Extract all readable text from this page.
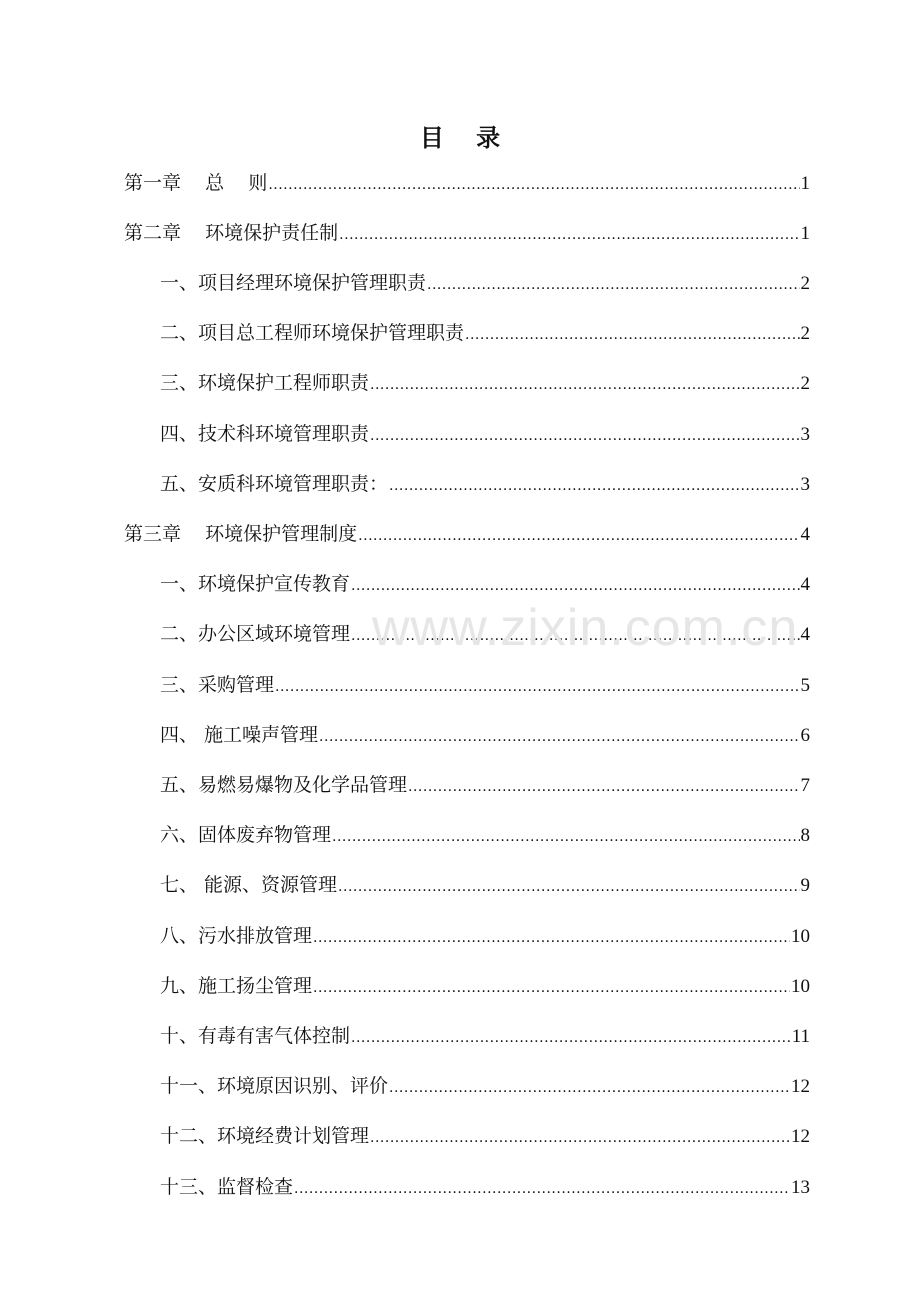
目 录
第一章    总    则 .....	1
第二章    环境保护责任制 .....	1
一、项目经理环境保护管理职责 .....	2
二、项目总工程师环境保护管理职责 .....	2
三、环境保护工程师职责 .....	2
四、技术科环境管理职责 .....	3
五、安质科环境管理职责： .....	3
第三章    环境保护管理制度 .....	4
一、环境保护宣传教育 .....	4
二、办公区域环境管理 .....	4
三、采购管理 .....	5
四、 施工噪声管理 .....	6
五、易燃易爆物及化学品管理 .....	7
六、固体废弃物管理 .....	8
七、 能源、资源管理 .....	9
八、污水排放管理 .....	10
九、施工扬尘管理 .....	10
十、有毒有害气体控制 .....	11
十一、环境原因识别、评价 .....	12
十二、环境经费计划管理 .....	12
十三、监督检查 .....	13
www.zixin.com.cn
